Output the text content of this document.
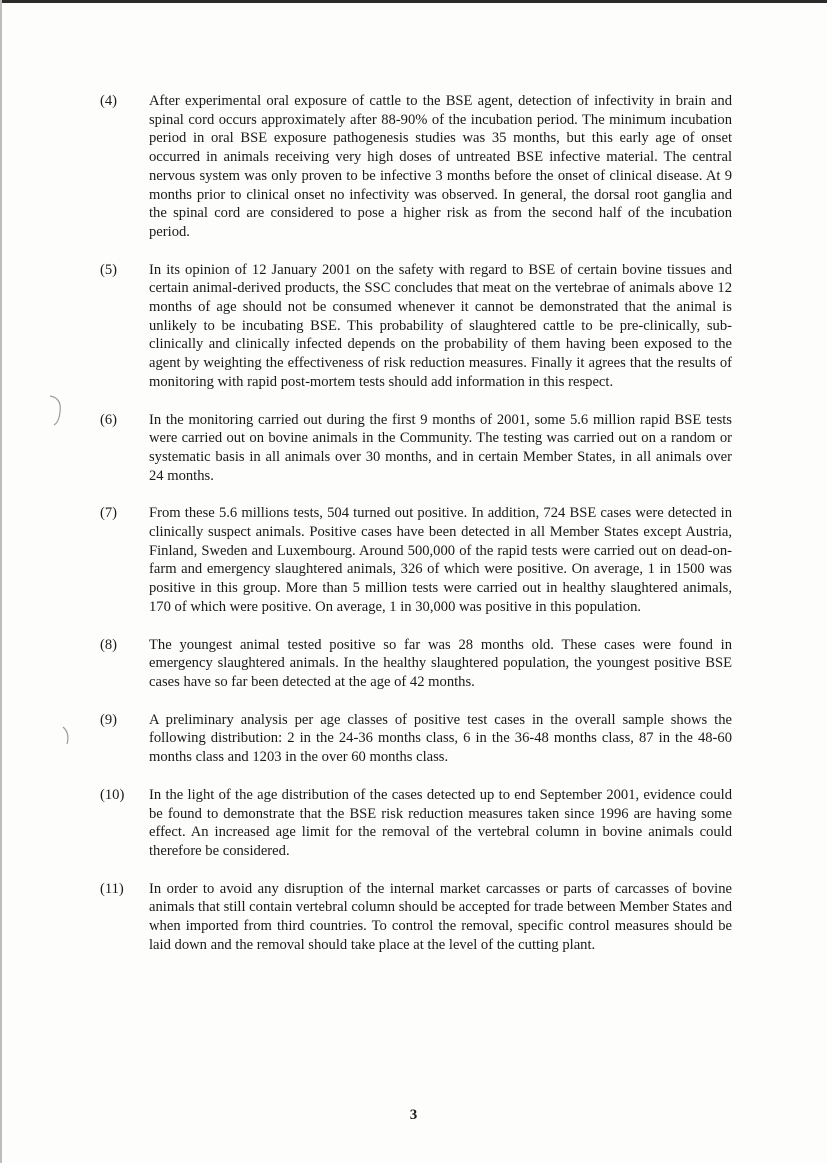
(4) After experimental oral exposure of cattle to the BSE agent, detection of infectivity in brain and spinal cord occurs approximately after 88-90% of the incubation period. The minimum incubation period in oral BSE exposure pathogenesis studies was 35 months, but this early age of onset occurred in animals receiving very high doses of untreated BSE infective material. The central nervous system was only proven to be infective 3 months before the onset of clinical disease. At 9 months prior to clinical onset no infectivity was observed. In general, the dorsal root ganglia and the spinal cord are considered to pose a higher risk as from the second half of the incubation period.
(5) In its opinion of 12 January 2001 on the safety with regard to BSE of certain bovine tissues and certain animal-derived products, the SSC concludes that meat on the vertebrae of animals above 12 months of age should not be consumed whenever it cannot be demonstrated that the animal is unlikely to be incubating BSE. This probability of slaughtered cattle to be pre-clinically, sub-clinically and clinically infected depends on the probability of them having been exposed to the agent by weighting the effectiveness of risk reduction measures. Finally it agrees that the results of monitoring with rapid post-mortem tests should add information in this respect.
(6) In the monitoring carried out during the first 9 months of 2001, some 5.6 million rapid BSE tests were carried out on bovine animals in the Community. The testing was carried out on a random or systematic basis in all animals over 30 months, and in certain Member States, in all animals over 24 months.
(7) From these 5.6 millions tests, 504 turned out positive. In addition, 724 BSE cases were detected in clinically suspect animals. Positive cases have been detected in all Member States except Austria, Finland, Sweden and Luxembourg. Around 500,000 of the rapid tests were carried out on dead-on-farm and emergency slaughtered animals, 326 of which were positive. On average, 1 in 1500 was positive in this group. More than 5 million tests were carried out in healthy slaughtered animals, 170 of which were positive. On average, 1 in 30,000 was positive in this population.
(8) The youngest animal tested positive so far was 28 months old. These cases were found in emergency slaughtered animals. In the healthy slaughtered population, the youngest positive BSE cases have so far been detected at the age of 42 months.
(9) A preliminary analysis per age classes of positive test cases in the overall sample shows the following distribution: 2 in the 24-36 months class, 6 in the 36-48 months class, 87 in the 48-60 months class and 1203 in the over 60 months class.
(10) In the light of the age distribution of the cases detected up to end September 2001, evidence could be found to demonstrate that the BSE risk reduction measures taken since 1996 are having some effect. An increased age limit for the removal of the vertebral column in bovine animals could therefore be considered.
(11) In order to avoid any disruption of the internal market carcasses or parts of carcasses of bovine animals that still contain vertebral column should be accepted for trade between Member States and when imported from third countries. To control the removal, specific control measures should be laid down and the removal should take place at the level of the cutting plant.
3
